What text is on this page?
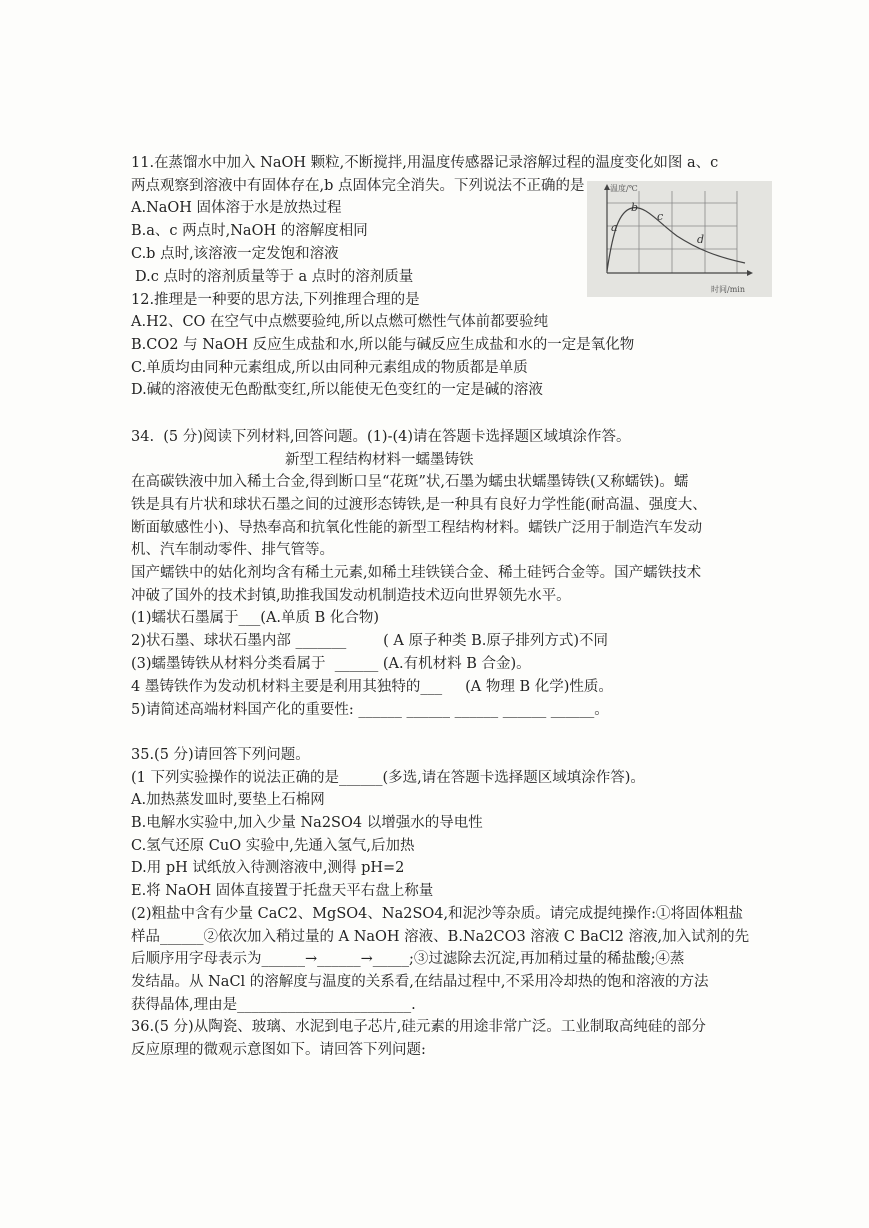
11.在蒸馏水中加入 NaOH 颗粒,不断搅拌,用温度传感器记录溶解过程的温度变化如图 a、c
两点观察到溶液中有固体存在,b 点固体完全消失。下列说法不正确的是
A.NaOH 固体溶于水是放热过程
B.a、c 两点时,NaOH 的溶解度相同
C.b 点时,该溶液一定发饱和溶液
D.c 点时的溶剂质量等于 a 点时的溶剂质量
温度/℃
时间/min
a
b
c
d
12.推理是一种要的思方法,下列推理合理的是
A.H2、CO 在空气中点燃要验纯,所以点燃可燃性气体前都要验纯
B.CO2 与 NaOH 反应生成盐和水,所以能与碱反应生成盐和水的一定是氧化物
C.单质均由同种元素组成,所以由同种元素组成的物质都是单质
D.碱的溶液使无色酚酞变红,所以能使无色变红的一定是碱的溶液
34.  (5 分)阅读下列材料,回答问题。(1)-(4)请在答题卡选择题区域填涂作答。
新型工程结构材料一蠕墨铸铁
在高碳铁液中加入稀土合金,得到断口呈“花斑”状,石墨为蠕虫状蠕墨铸铁(又称蠕铁)。蠕
铁是具有片状和球状石墨之间的过渡形态铸铁,是一种具有良好力学性能(耐高温、强度大、
断面敏感性小)、导热奉高和抗氧化性能的新型工程结构材料。蠕铁广泛用于制造汽车发动
机、汽车制动零件、排气管等。
国产蠕铁中的姑化剂均含有稀土元素,如稀土珪铁镁合金、稀土硅钙合金等。国产蠕铁技术
冲破了国外的技术封镇,助推我国发动机制造技术迈向世界领先水平。
(1)蠕状石墨属于___(A.单质 B 化合物)
2)状石墨、球状石墨内部 _______        ( A 原子种类 B.原子排列方式)不同
(3)蠕墨铸铁从材料分类看属于  ______ (A.有机材料 B 合金)。
4 墨铸铁作为发动机材料主要是利用其独特的___     (A 物理 B 化学)性质。
5)请简述高端材料国产化的重要性: ______ ______ ______ ______ ______。
35.(5 分)请回答下列问题。
(1 下列实验操作的说法正确的是______(多选,请在答题卡选择题区域填涂作答)。
A.加热蒸发皿时,要垫上石棉网
B.电解水实验中,加入少量 Na2SO4 以增强水的导电性
C.氢气还原 CuO 实验中,先通入氢气,后加热
D.用 pH 试纸放入待测溶液中,测得 pH=2
E.将 NaOH 固体直接置于托盘天平右盘上称量
(2)粗盐中含有少量 CaC2、MgSO4、Na2SO4,和泥沙等杂质。请完成提纯操作:①将固体粗盐
样品______②依次加入稍过量的 A NaOH 溶液、B.Na2CO3 溶液 C BaCl2 溶液,加入试剂的先
后顺序用字母表示为______→______→_____;③过滤除去沉淀,再加稍过量的稀盐酸;④蒸
发结晶。从 NaCl 的溶解度与温度的关系看,在结晶过程中,不采用冷却热的饱和溶液的方法
获得晶体,理由是________________________.
36.(5 分)从陶瓷、玻璃、水泥到电子芯片,硅元素的用途非常广泛。工业制取高纯硅的部分
反应原理的微观示意图如下。请回答下列问题:
